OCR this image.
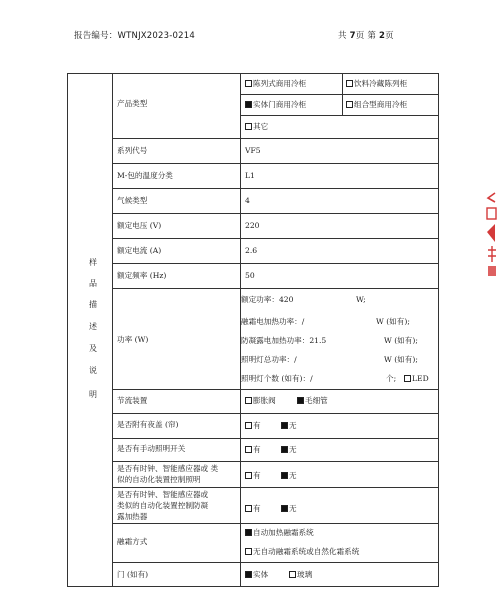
报告编号：WTNJX2023-0214	共 7页 第 2页
样
品
描
述
及
说
明
产品类型
陈列式商用冷柜	饮料冷藏陈列柜
实体门商用冷柜	组合型商用冷柜
其它
系列代号	VF5
M-包的温度分类	L1
气候类型	4
额定电压 (V)	220
额定电流 (A)	2.6
额定频率 (Hz)	50
功率 (W)
额定功率：420	W;
融霜电加热功率：/	W (如有);
防凝露电加热功率：21.5	W (如有);
照明灯总功率：/	W (如有);
照明灯个数 (如有)：/	个;	LED
节流装置	膨胀阀	毛细管
是否附有夜盖 (帘)	有	无
是否有手动照明开关	有	无
是否有时钟、智能感应器或 类
似的自动化装置控制照明	有	无
是否有时钟、智能感应器或
类似的自动化装置控制防凝
露加热器
有	无
融霜方式
自动加热融霜系统
无自动融霜系统或自然化霜系统
门 (如有)	实体	玻璃
